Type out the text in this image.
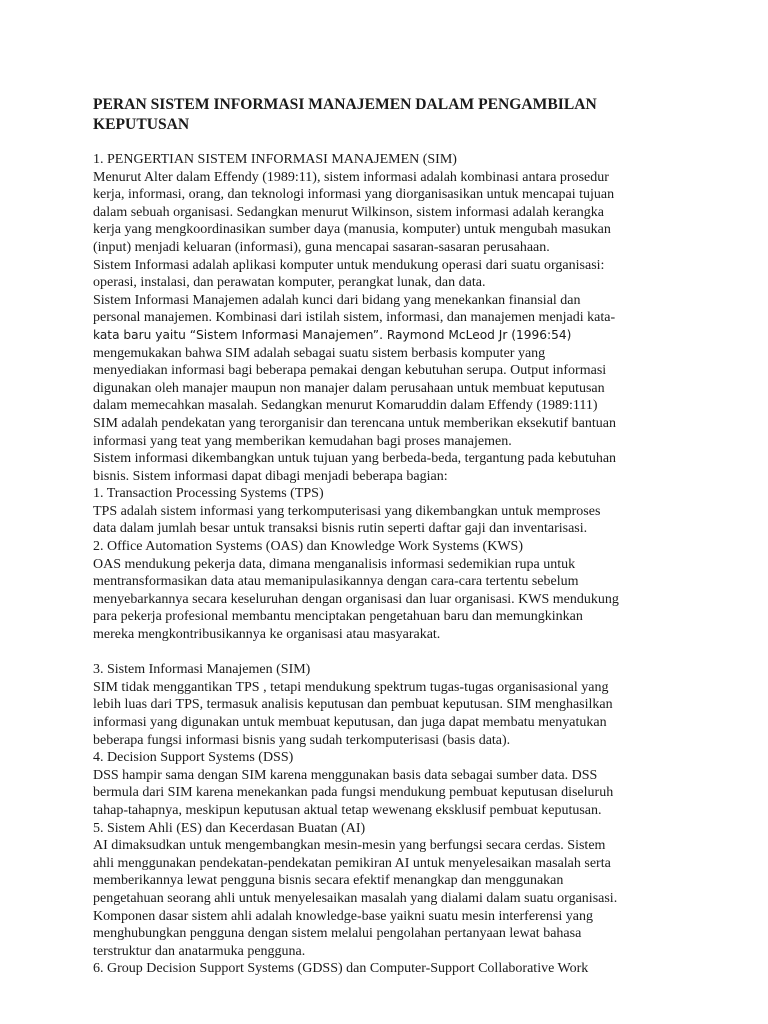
PERAN SISTEM INFORMASI MANAJEMEN DALAM PENGAMBILAN
KEPUTUSAN
1. PENGERTIAN SISTEM INFORMASI MANAJEMEN (SIM)
Menurut Alter dalam Effendy (1989:11), sistem informasi adalah kombinasi antara prosedur
kerja, informasi, orang, dan teknologi informasi yang diorganisasikan untuk mencapai tujuan
dalam sebuah organisasi. Sedangkan menurut Wilkinson, sistem informasi adalah kerangka
kerja yang mengkoordinasikan sumber daya (manusia, komputer) untuk mengubah masukan
(input) menjadi keluaran (informasi), guna mencapai sasaran-sasaran perusahaan.
Sistem Informasi adalah aplikasi komputer untuk mendukung operasi dari suatu organisasi:
operasi, instalasi, dan perawatan komputer, perangkat lunak, dan data.
Sistem Informasi Manajemen adalah kunci dari bidang yang menekankan finansial dan
personal manajemen. Kombinasi dari istilah sistem, informasi, dan manajemen menjadi kata-
kata baru yaitu “Sistem Informasi Manajemen”. Raymond McLeod Jr (1996:54)
mengemukakan bahwa SIM adalah sebagai suatu sistem berbasis komputer yang
menyediakan informasi bagi beberapa pemakai dengan kebutuhan serupa. Output informasi
digunakan oleh manajer maupun non manajer dalam perusahaan untuk membuat keputusan
dalam memecahkan masalah. Sedangkan menurut Komaruddin dalam Effendy (1989:111)
SIM adalah pendekatan yang terorganisir dan terencana untuk memberikan eksekutif bantuan
informasi yang teat yang memberikan kemudahan bagi proses manajemen.
Sistem informasi dikembangkan untuk tujuan yang berbeda-beda, tergantung pada kebutuhan
bisnis. Sistem informasi dapat dibagi menjadi beberapa bagian:
1. Transaction Processing Systems (TPS)
TPS adalah sistem informasi yang terkomputerisasi yang dikembangkan untuk memproses
data dalam jumlah besar untuk transaksi bisnis rutin seperti daftar gaji dan inventarisasi.
2. Office Automation Systems (OAS) dan Knowledge Work Systems (KWS)
OAS mendukung pekerja data, dimana menganalisis informasi sedemikian rupa untuk
mentransformasikan data atau memanipulasikannya dengan cara-cara tertentu sebelum
menyebarkannya secara keseluruhan dengan organisasi dan luar organisasi. KWS mendukung
para pekerja profesional membantu menciptakan pengetahuan baru dan memungkinkan
mereka mengkontribusikannya ke organisasi atau masyarakat.
3. Sistem Informasi Manajemen (SIM)
SIM tidak menggantikan TPS , tetapi mendukung spektrum tugas-tugas organisasional yang
lebih luas dari TPS, termasuk analisis keputusan dan pembuat keputusan. SIM menghasilkan
informasi yang digunakan untuk membuat keputusan, dan juga dapat membatu menyatukan
beberapa fungsi informasi bisnis yang sudah terkomputerisasi (basis data).
4. Decision Support Systems (DSS)
DSS hampir sama dengan SIM karena menggunakan basis data sebagai sumber data. DSS
bermula dari SIM karena menekankan pada fungsi mendukung pembuat keputusan diseluruh
tahap-tahapnya, meskipun keputusan aktual tetap wewenang eksklusif pembuat keputusan.
5. Sistem Ahli (ES) dan Kecerdasan Buatan (AI)
AI dimaksudkan untuk mengembangkan mesin-mesin yang berfungsi secara cerdas. Sistem
ahli menggunakan pendekatan-pendekatan pemikiran AI untuk menyelesaikan masalah serta
memberikannya lewat pengguna bisnis secara efektif menangkap dan menggunakan
pengetahuan seorang ahli untuk menyelesaikan masalah yang dialami dalam suatu organisasi.
Komponen dasar sistem ahli adalah knowledge-base yaikni suatu mesin interferensi yang
menghubungkan pengguna dengan sistem melalui pengolahan pertanyaan lewat bahasa
terstruktur dan anatarmuka pengguna.
6. Group Decision Support Systems (GDSS) dan Computer-Support Collaborative Work
